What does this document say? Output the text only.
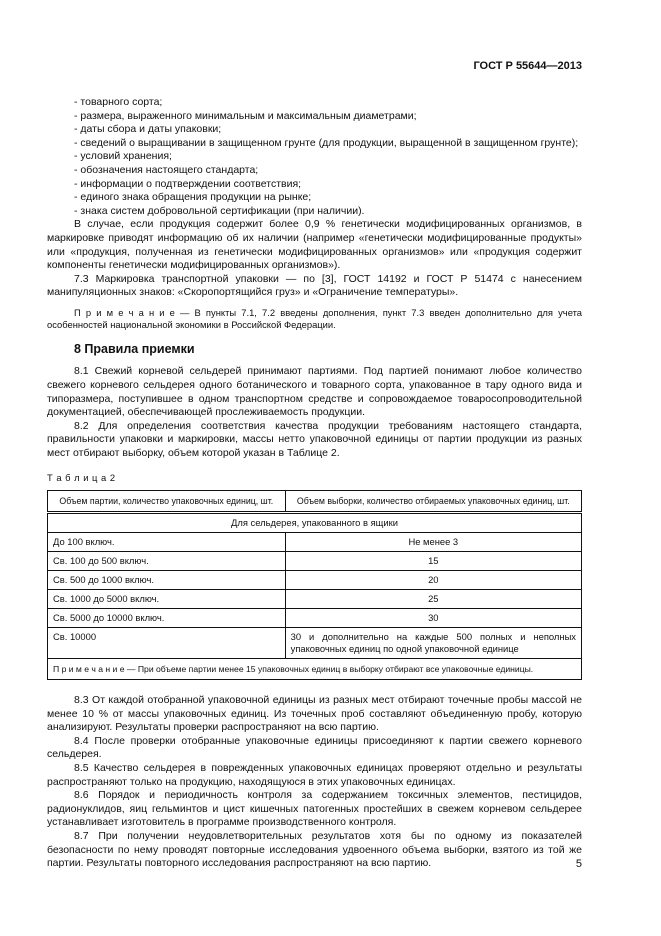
ГОСТ Р 55644—2013

- товарного сорта;

- размера, выраженного минимальным и максимальным диаметрами;

- даты сбора и даты упаковки;

- сведений о выращивании в защищенном грунте (для продукции, выращенной в защищенном грунте);

- условий хранения;

- обозначения настоящего стандарта;

- информации о подтверждении соответствия;

- единого знака обращения продукции на рынке;

- знака систем добровольной сертификации (при наличии).

В случае, если продукция содержит более 0,9 % генетически модифицированных организмов, в маркировке приводят информацию об их наличии (например «генетически модифицированные продукты» или «продукция, полученная из генетически модифицированных организмов» или «продукция содержит компоненты генетически модифицированных организмов»).

7.3 Маркировка транспортной упаковки — по [3], ГОСТ 14192 и ГОСТ Р 51474 с нанесением манипуляционных знаков: «Скоропортящийся груз» и «Ограничение температуры».

П р и м е ч а н и е — В пункты 7.1, 7.2 введены дополнения, пункт 7.3 введен дополнительно для учета особенностей национальной экономики в Российской Федерации.

8 Правила приемки

8.1 Свежий корневой сельдерей принимают партиями. Под партией понимают любое количество свежего корневого сельдерея одного ботанического и товарного сорта, упакованное в тару одного вида и типоразмера, поступившее в одном транспортном средстве и сопровождаемое товаросопроводительной документацией, обеспечивающей прослеживаемость продукции.

8.2 Для определения соответствия качества продукции требованиям настоящего стандарта, правильности упаковки и маркировки, массы нетто упаковочной единицы от партии продукции из разных мест отбирают выборку, объем которой указан в Таблице 2.

Т а б л и ц а 2
Объем партии, количество упаковочных единиц, шт.	Объем выборки, количество отбираемых упаковочных единиц, шт.
Для сельдерея, упакованного в ящики	
До 100 включ.	Не менее 3
Св. 100 до 500 включ.	15
Св. 500 до 1000 включ.	20
Св. 1000 до 5000 включ.	25
Св. 5000 до 10000 включ.	30
Св. 10000	30 и дополнительно на каждые 500 полных и неполных упаковочных единиц по одной упаковочной единице
П р и м е ч а н и е — При объеме партии менее 15 упаковочных единиц в выборку отбирают все упаковочные единицы.	

8.3 От каждой отобранной упаковочной единицы из разных мест отбирают точечные пробы массой не менее 10 % от массы упаковочных единиц. Из точечных проб составляют объединенную пробу, которую анализируют. Результаты проверки распространяют на всю партию.

8.4 После проверки отобранные упаковочные единицы присоединяют к партии свежего корневого сельдерея.

8.5 Качество сельдерея в поврежденных упаковочных единицах проверяют отдельно и результаты распространяют только на продукцию, находящуюся в этих упаковочных единицах.

8.6 Порядок и периодичность контроля за содержанием токсичных элементов, пестицидов, радионуклидов, яиц гельминтов и цист кишечных патогенных простейших в свежем корневом сельдерее устанавливает изготовитель в программе производственного контроля.

8.7 При получении неудовлетворительных результатов хотя бы по одному из показателей безопасности по нему проводят повторные исследования удвоенного объема выборки, взятого из той же партии. Результаты повторного исследования распространяют на всю партию.	5
